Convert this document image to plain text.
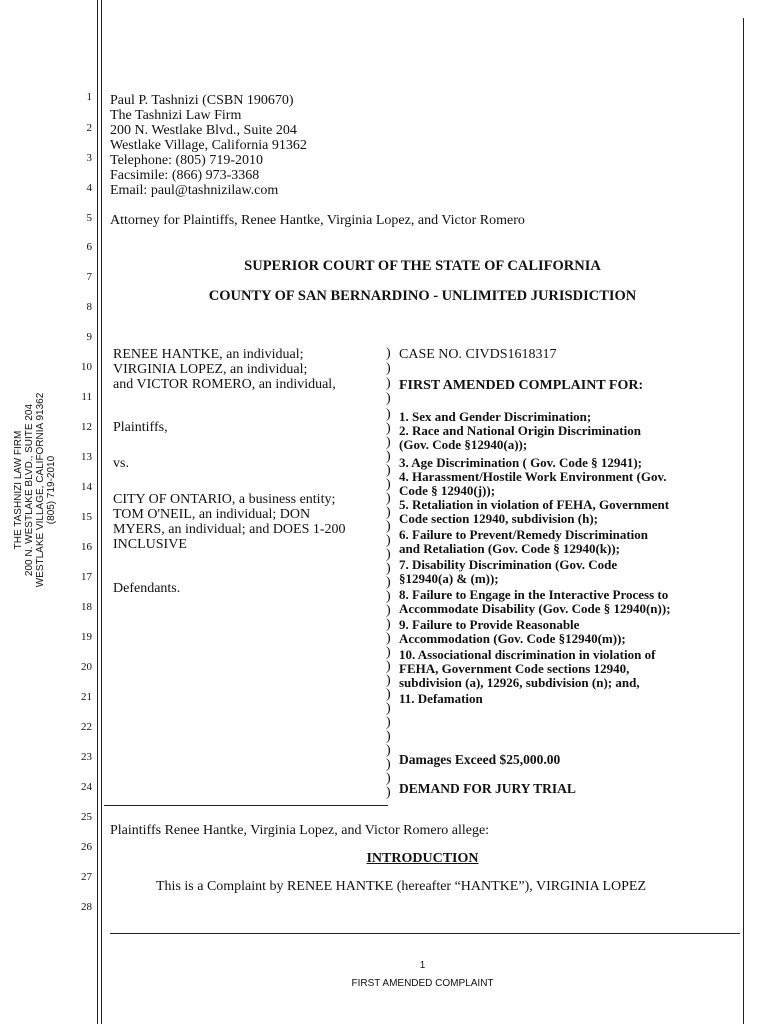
THE TASHNIZI LAW FIRM 200 N. WESTLAKE BLVD., SUITE 204 WESTLAKE VILLAGE, CALIFORNIA 91362 (805) 719-2010
1
2
3
4
5
6
7
8
9
10
11
12
13
14
15
16
17
18
19
20
21
22
23
24
25
26
27
28
Paul P. Tashnizi (CSBN 190670)
The Tashnizi Law Firm
200 N. Westlake Blvd., Suite 204
Westlake Village, California 91362
Telephone: (805) 719-2010
Facsimile: (866) 973-3368
Email: paul@tashnizilaw.com
Attorney for Plaintiffs, Renee Hantke, Virginia Lopez, and Victor Romero
SUPERIOR COURT OF THE STATE OF CALIFORNIA
COUNTY OF SAN BERNARDINO - UNLIMITED JURISDICTION
RENEE HANTKE, an individual;
VIRGINIA LOPEZ, an individual;
and VICTOR ROMERO, an individual,
Plaintiffs,
vs.
CITY OF ONTARIO, a business entity;
TOM O'NEIL, an individual; DON
MYERS, an individual; and DOES 1-200
INCLUSIVE
Defendants.
)
)
)
)
)
)
)
)
)
)
)
)
)
)
)
)
)
)
)
)
)
)
)
)
)
)
)
)
)
)
)
)
CASE NO. CIVDS1618317
FIRST AMENDED COMPLAINT FOR:
1. Sex and Gender Discrimination;
2. Race and National Origin Discrimination
(Gov. Code §12940(a));
3. Age Discrimination ( Gov. Code § 12941);
4. Harassment/Hostile Work Environment (Gov.
Code § 12940(j));
5. Retaliation in violation of FEHA, Government
Code section 12940, subdivision (h);
6. Failure to Prevent/Remedy Discrimination
and Retaliation (Gov. Code § 12940(k));
7. Disability Discrimination (Gov. Code
§12940(a) & (m));
8. Failure to Engage in the Interactive Process to
Accommodate Disability (Gov. Code § 12940(n));
9. Failure to Provide Reasonable
Accommodation (Gov. Code §12940(m));
10. Associational discrimination in violation of
FEHA, Government Code sections 12940,
subdivision (a), 12926, subdivision (n); and,
11. Defamation
Damages Exceed $25,000.00
DEMAND FOR JURY TRIAL
Plaintiffs Renee Hantke, Virginia Lopez, and Victor Romero allege:
INTRODUCTION
This is a Complaint by RENEE HANTKE (hereafter “HANTKE”), VIRGINIA LOPEZ
1
FIRST AMENDED COMPLAINT
